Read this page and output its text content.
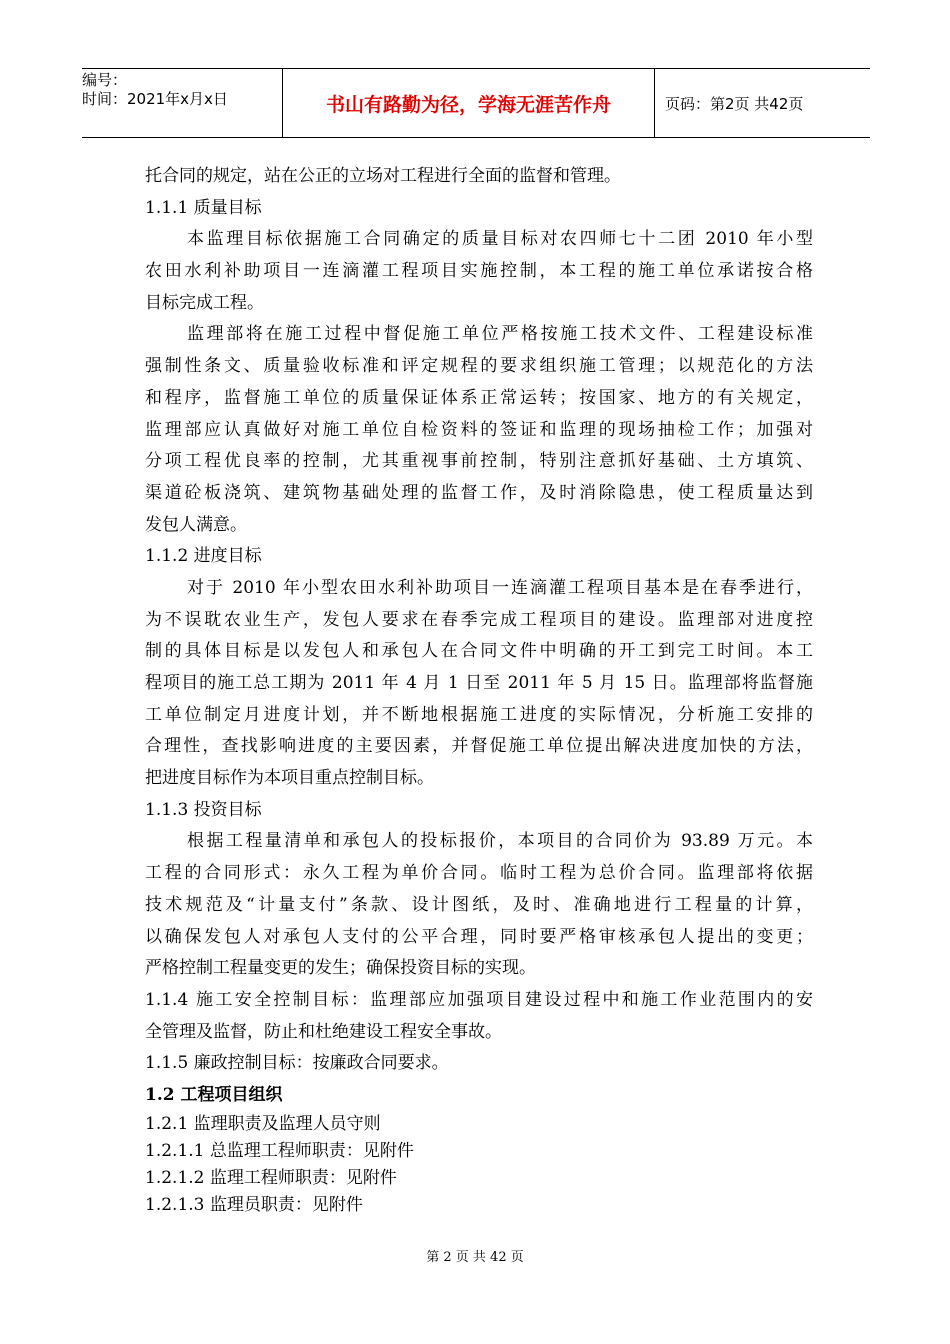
编号：
时间：2021年x月x日	书山有路勤为径，学海无涯苦作舟	页码：第2页 共42页
托合同的规定，站在公正的立场对工程进行全面的监督和管理。
1.1.1 质量目标
本监理目标依据施工合同确定的质量目标对农四师七十二团 2010 年小型
农田水利补助项目一连滴灌工程项目实施控制，本工程的施工单位承诺按合格
目标完成工程。
监理部将在施工过程中督促施工单位严格按施工技术文件、工程建设标准
强制性条文、质量验收标准和评定规程的要求组织施工管理；以规范化的方法
和程序，监督施工单位的质量保证体系正常运转；按国家、地方的有关规定，
监理部应认真做好对施工单位自检资料的签证和监理的现场抽检工作；加强对
分项工程优良率的控制，尤其重视事前控制，特别注意抓好基础、土方填筑、
渠道砼板浇筑、建筑物基础处理的监督工作，及时消除隐患，使工程质量达到
发包人满意。
1.1.2 进度目标
对于 2010 年小型农田水利补助项目一连滴灌工程项目基本是在春季进行，
为不误耽农业生产，发包人要求在春季完成工程项目的建设。监理部对进度控
制的具体目标是以发包人和承包人在合同文件中明确的开工到完工时间。本工
程项目的施工总工期为 2011 年 4 月 1 日至 2011 年 5 月 15 日。监理部将监督施
工单位制定月进度计划，并不断地根据施工进度的实际情况，分析施工安排的
合理性，查找影响进度的主要因素，并督促施工单位提出解决进度加快的方法，
把进度目标作为本项目重点控制目标。
1.1.3 投资目标
根据工程量清单和承包人的投标报价，本项目的合同价为 93.89 万元。本
工程的合同形式：永久工程为单价合同。临时工程为总价合同。监理部将依据
技术规范及“计量支付”条款、设计图纸，及时、准确地进行工程量的计算，
以确保发包人对承包人支付的公平合理，同时要严格审核承包人提出的变更；
严格控制工程量变更的发生；确保投资目标的实现。
1.1.4 施工安全控制目标：监理部应加强项目建设过程中和施工作业范围内的安
全管理及监督，防止和杜绝建设工程安全事故。
1.1.5 廉政控制目标：按廉政合同要求。
1.2 工程项目组织
1.2.1 监理职责及监理人员守则
1.2.1.1 总监理工程师职责：见附件
1.2.1.2 监理工程师职责：见附件
1.2.1.3 监理员职责：见附件
第 2 页 共 42 页
